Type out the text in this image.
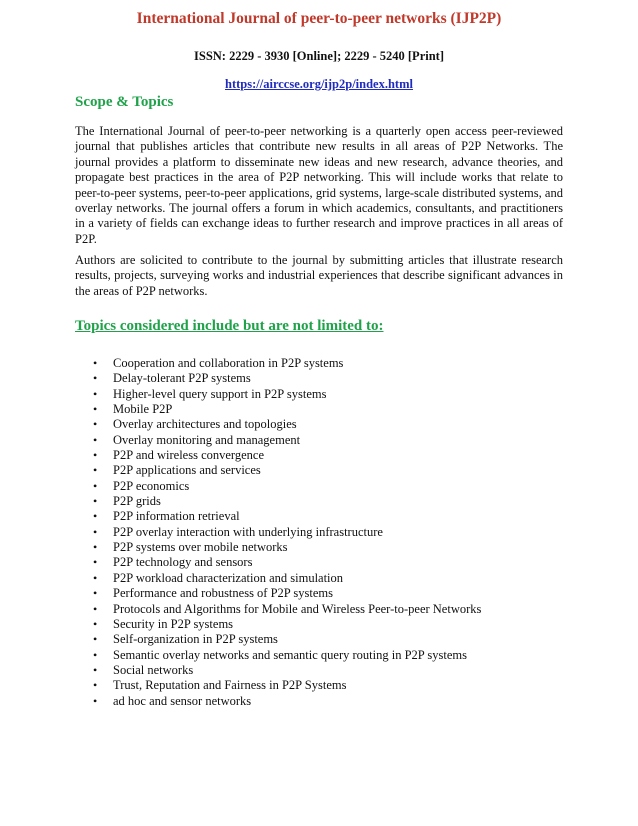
International Journal of peer-to-peer networks (IJP2P)
ISSN: 2229 - 3930 [Online]; 2229 - 5240 [Print]
https://airccse.org/ijp2p/index.html
Scope & Topics

The International Journal of peer-to-peer networking is a quarterly open access peer-reviewed journal that publishes articles that contribute new results in all areas of P2P Networks. The journal provides a platform to disseminate new ideas and new research, advance theories, and propagate best practices in the area of P2P networking. This will include works that relate to peer-to-peer systems, peer-to-peer applications, grid systems, large-scale distributed systems, and overlay networks. The journal offers a forum in which academics, consultants, and practitioners in a variety of fields can exchange ideas to further research and improve practices in all areas of P2P.

Authors are solicited to contribute to the journal by submitting articles that illustrate research results, projects, surveying works and industrial experiences that describe significant advances in the areas of P2P networks.

Topics considered include but are not limited to:
• Cooperation and collaboration in P2P systems
• Delay-tolerant P2P systems
• Higher-level query support in P2P systems
• Mobile P2P
• Overlay architectures and topologies
• Overlay monitoring and management
• P2P and wireless convergence
• P2P applications and services
• P2P economics
• P2P grids
• P2P information retrieval
• P2P overlay interaction with underlying infrastructure
• P2P systems over mobile networks
• P2P technology and sensors
• P2P workload characterization and simulation
• Performance and robustness of P2P systems
• Protocols and Algorithms for Mobile and Wireless Peer-to-peer Networks
• Security in P2P systems
• Self-organization in P2P systems
• Semantic overlay networks and semantic query routing in P2P systems
• Social networks
• Trust, Reputation and Fairness in P2P Systems
• ad hoc and sensor networks
